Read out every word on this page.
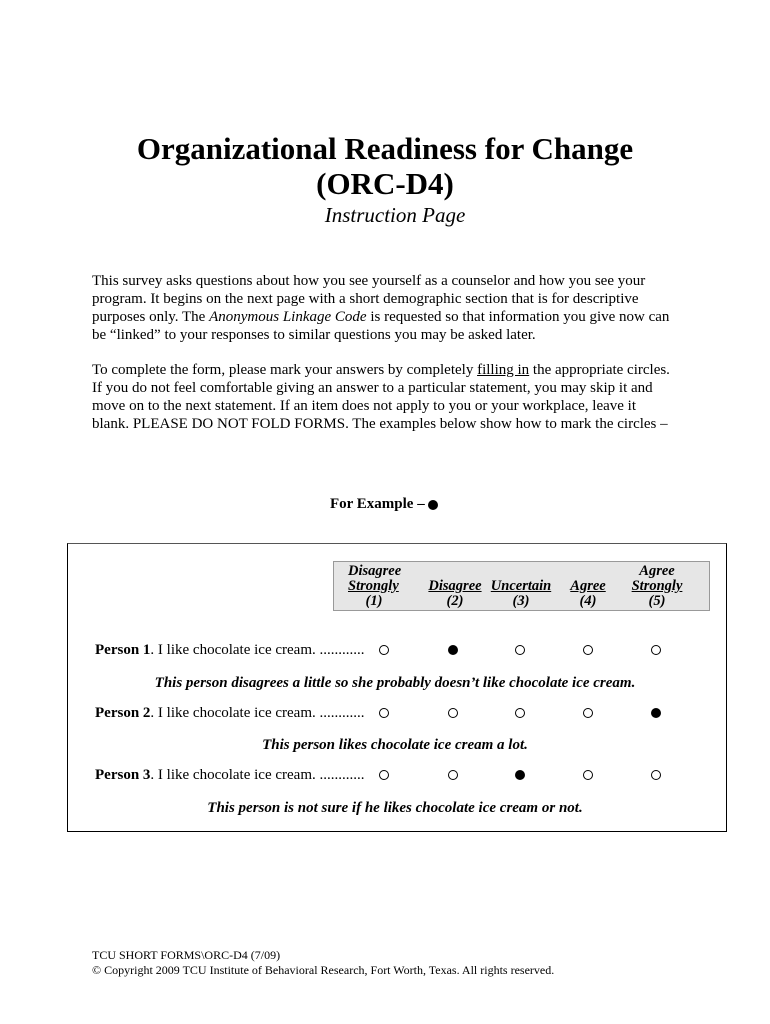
Organizational Readiness for Change
(ORC-D4)
Instruction Page

This survey asks questions about how you see yourself as a counselor and how you see your

program. It begins on the next page with a short demographic section that is for descriptive

purposes only. The Anonymous Linkage Code is requested so that information you give now can

be “linked” to your responses to similar questions you may be asked later.

To complete the form, please mark your answers by completely filling in the appropriate circles.

If you do not feel comfortable giving an answer to a particular statement, you may skip it and

move on to the next statement. If an item does not apply to you or your workplace, leave it

blank. PLEASE DO NOT FOLD FORMS. The examples below show how to mark the circles –

For Example –
Disagree
Strongly
(1)
Disagree
(2)
Uncertain
(3)
Agree
(4)
Agree
Strongly
(5)
Person 1. I like chocolate ice cream. ............
This person disagrees a little so she probably doesn’t like chocolate ice cream.
Person 2. I like chocolate ice cream. ............
This person likes chocolate ice cream a lot.
Person 3. I like chocolate ice cream. ............
This person is not sure if he likes chocolate ice cream or not.
TCU SHORT FORMS\ORC-D4 (7/09)
© Copyright 2009 TCU Institute of Behavioral Research, Fort Worth, Texas. All rights reserved.
